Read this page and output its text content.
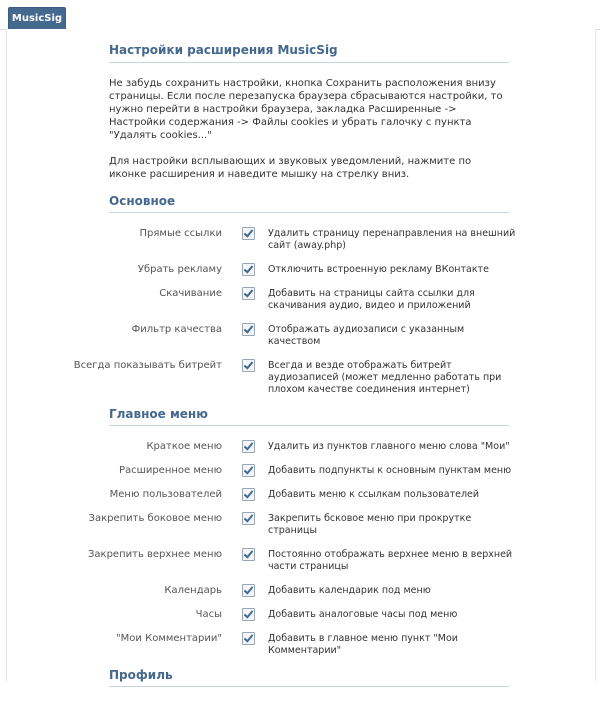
MusicSig
Настройки расширения MusicSig

Не забудь сохранить настройки, кнопка Сохранить расположения внизу страницы. Если после перезапуска браузера сбрасываются настройки, то нужно перейти в настройки браузера, закладка Расширенные -> Настройки содержания -> Файлы cookies и убрать галочку с пункта "Удалять cookies..."

Для настройки всплывающих и звуковых уведомлений, нажмите по иконке расширения и наведите мышку на стрелку вниз.

Основное
Прямые ссылки	Удалить страницу перенаправления на внешний сайт (away.php)
Убрать рекламу	Отключить встроенную рекламу ВКонтакте
Скачивание	Добавить на страницы сайта ссылки для скачивания аудио, видео и приложений
Фильтр качества	Отображать аудиозаписи с указанным качеством
Всегда показывать битрейт	Всегда и везде отображать битрейт аудиозаписей (может медленно работать при плохом качестве соединения интернет)
Главное меню
Краткое меню	Удалить из пунктов главного меню слова "Мои"
Расширенное меню	Добавить подпункты к основным пунктам меню
Меню пользователей	Добавить меню к ссылкам пользователей
Закрепить боковое меню	Закрепить бсковое меню при прокрутке страницы
Закрепить верхнее меню	Постоянно отображать верхнее меню в верхней части страницы
Календарь	Добавить календарик под меню
Часы	Добавить аналоговые часы под меню
"Мои Комментарии"	Добавить в главное меню пункт "Мои Комментарии"
Профиль
